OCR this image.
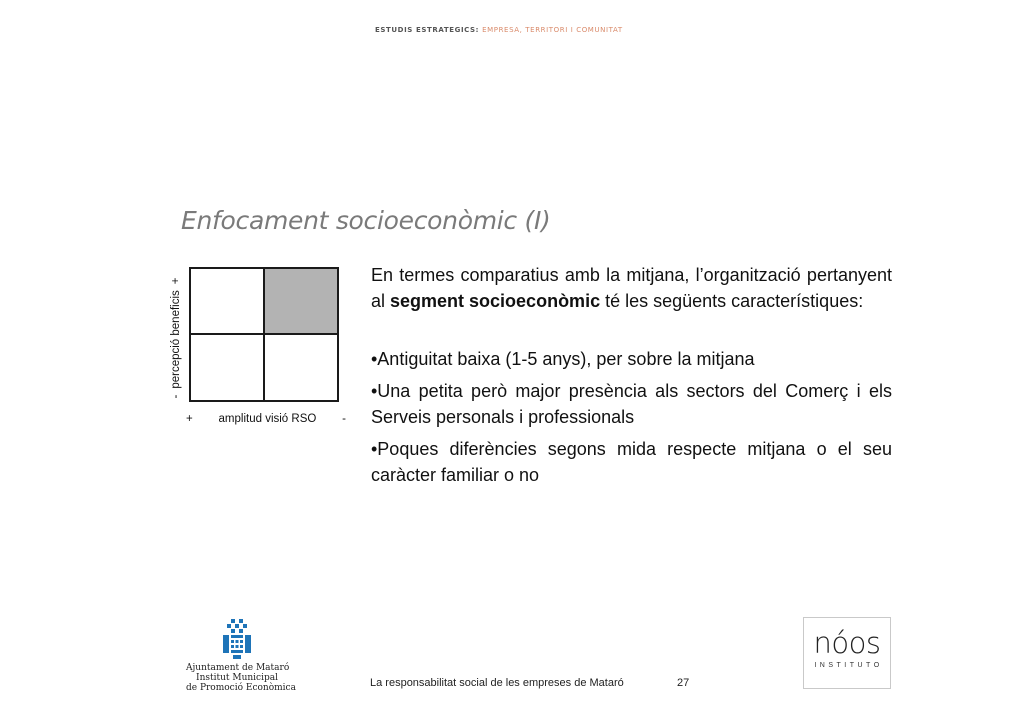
ESTUDIS ESTRATEGICS: EMPRESA, TERRITORI I COMUNITAT
Enfocament socioeconòmic (I)
-
percepció beneficis
+
+ amplitud visió RSO -

En termes comparatius amb la mitjana, l’organització pertanyent al segment socioeconòmic té les següents característiques:

•Antiguitat baixa (1-5 anys), per sobre la mitjana

•Una petita però major presència als sectors del Comerç i els Serveis personals i professionals

•Poques diferències segons mida respecte mitjana o el seu caràcter familiar o no

Ajuntament de Mataró
Institut Municipal
de Promoció Econòmica	La responsabilitat social de les empreses de Mataró	27
nóos
INSTITUTO
